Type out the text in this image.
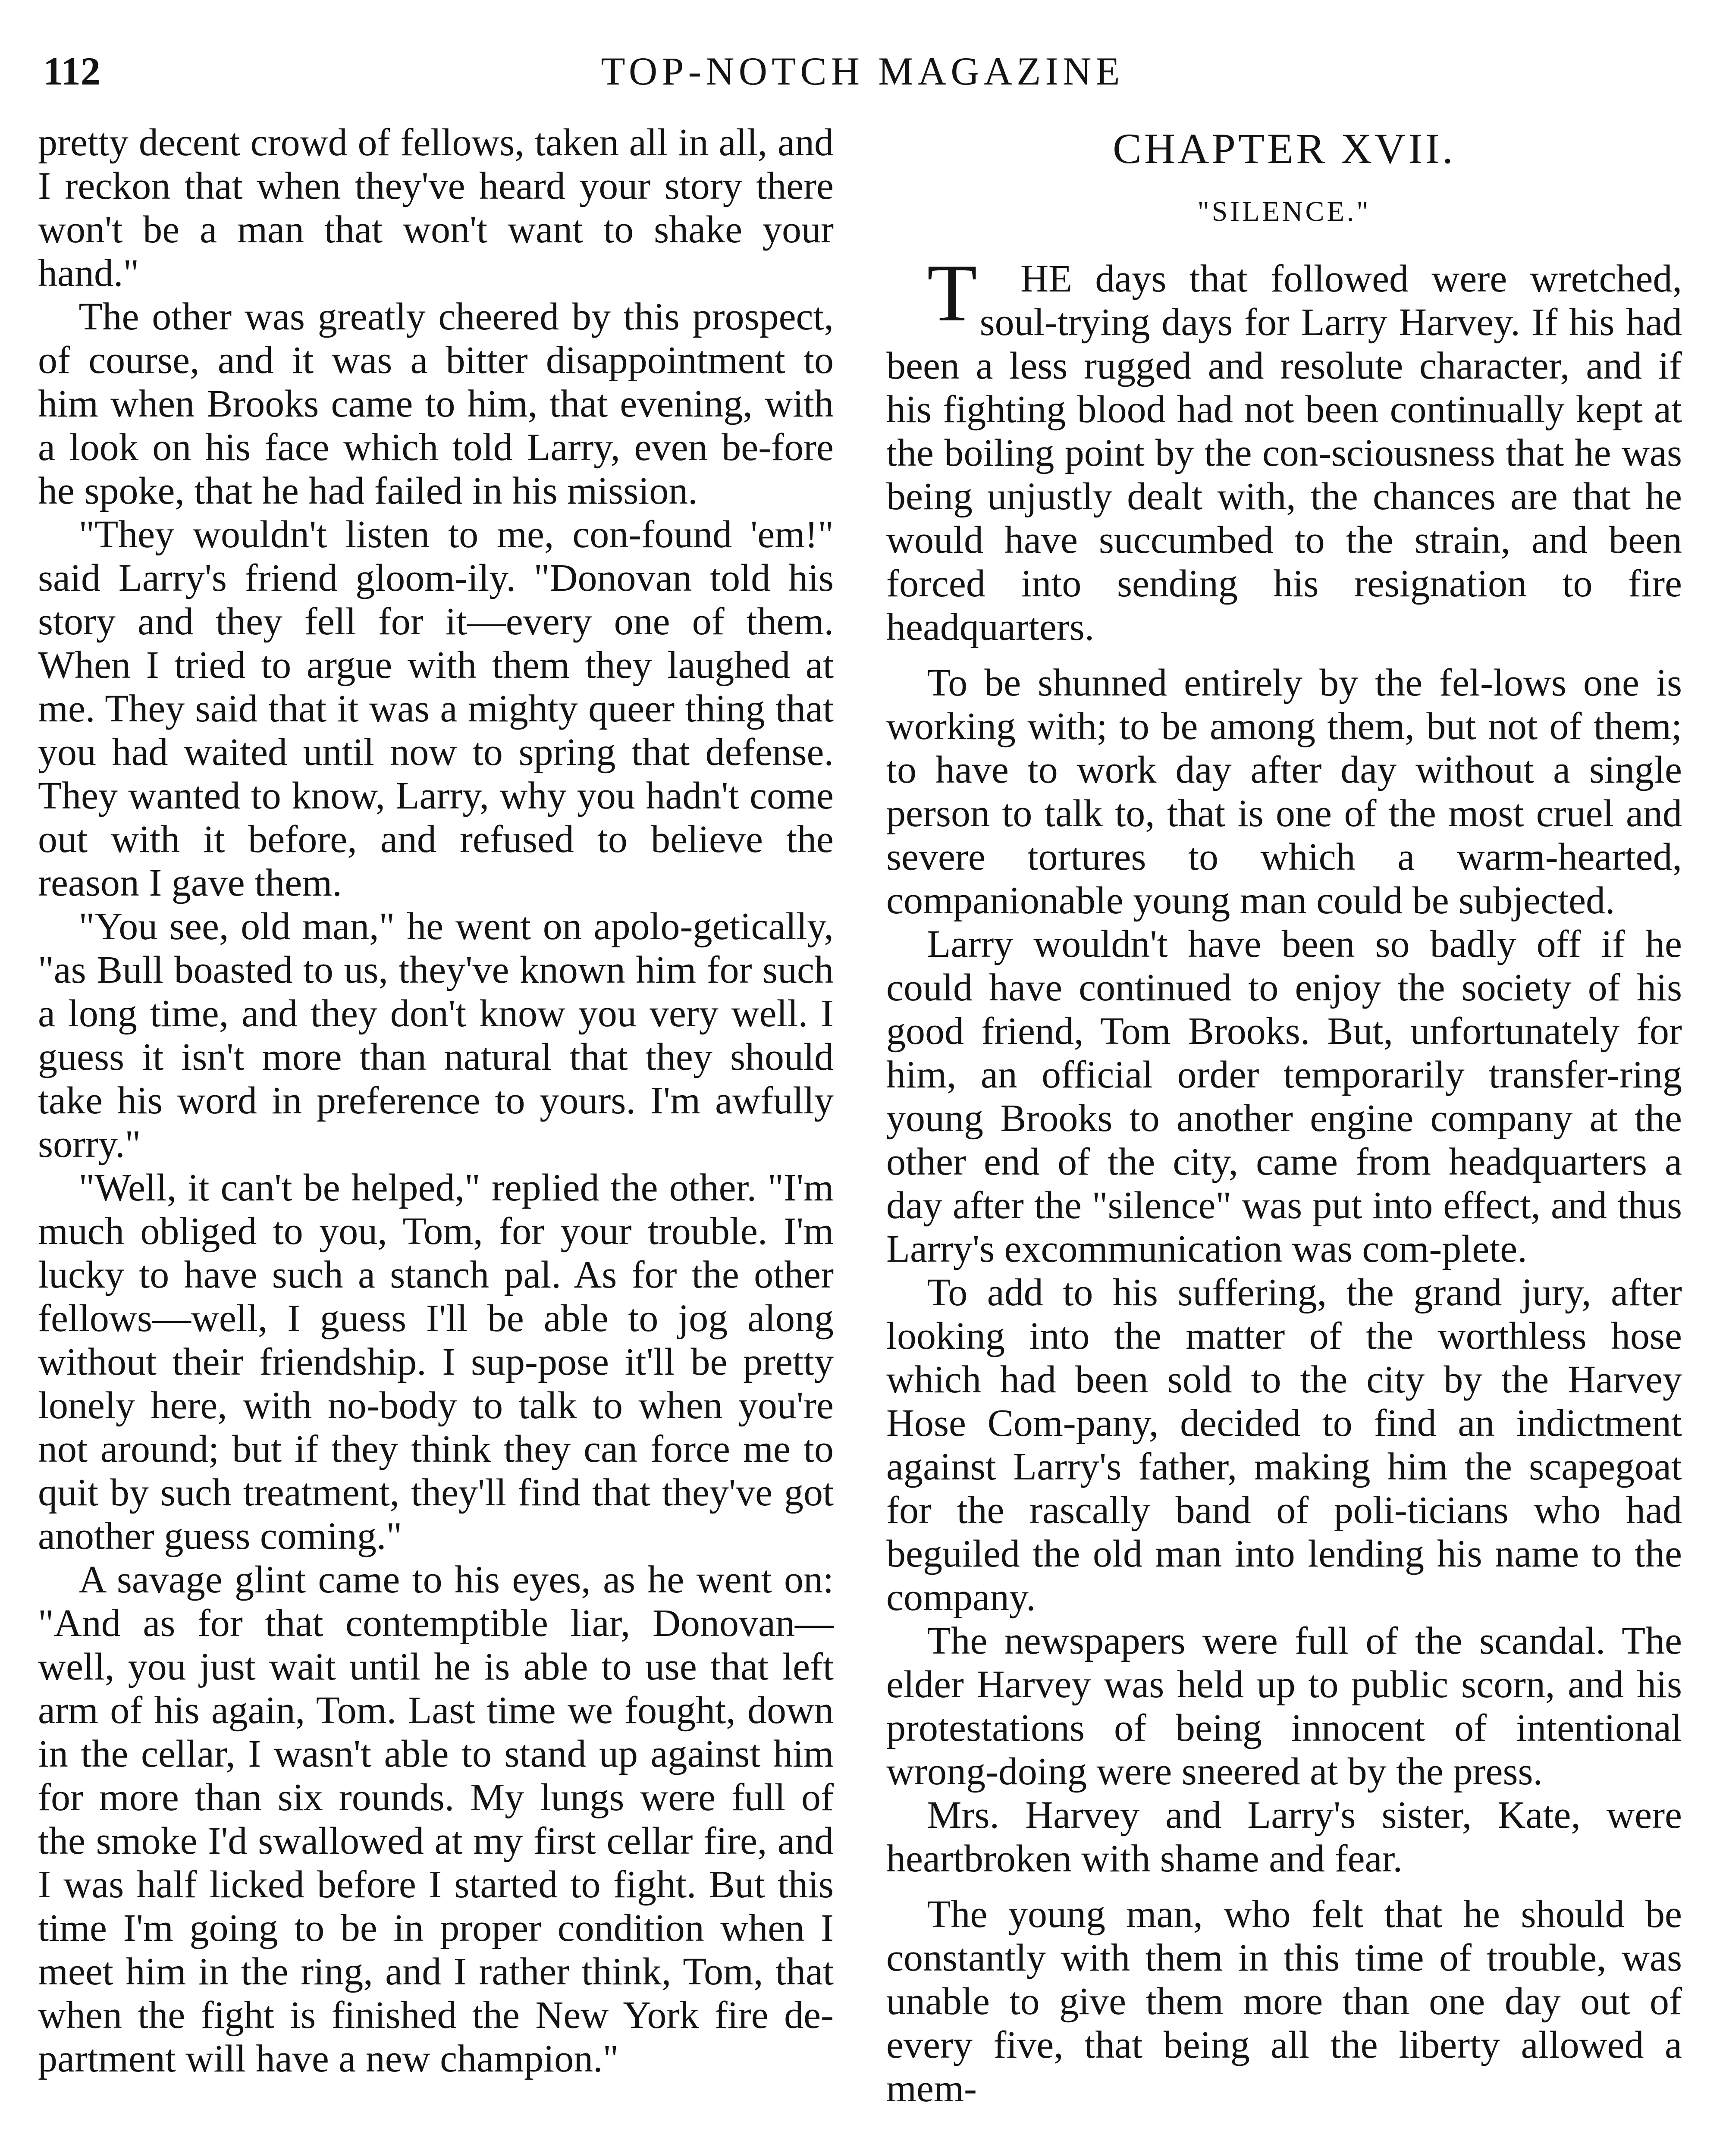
112	TOP-NOTCH MAGAZINE

pretty decent crowd of fellows, taken all in all, and I reckon that when they've heard your story there won't be a man that won't want to shake your hand."

The other was greatly cheered by this prospect, of course, and it was a bitter disappointment to him when Brooks came to him, that evening, with a look on his face which told Larry, even be-fore he spoke, that he had failed in his mission.

"They wouldn't listen to me, con-found 'em!" said Larry's friend gloom-ily. "Donovan told his story and they fell for it—every one of them. When I tried to argue with them they laughed at me. They said that it was a mighty queer thing that you had waited until now to spring that defense. They wanted to know, Larry, why you hadn't come out with it before, and refused to believe the reason I gave them.

"You see, old man," he went on apolo-getically, "as Bull boasted to us, they've known him for such a long time, and they don't know you very well. I guess it isn't more than natural that they should take his word in preference to yours. I'm awfully sorry."

"Well, it can't be helped," replied the other. "I'm much obliged to you, Tom, for your trouble. I'm lucky to have such a stanch pal. As for the other fellows—well, I guess I'll be able to jog along without their friendship. I sup-pose it'll be pretty lonely here, with no-body to talk to when you're not around; but if they think they can force me to quit by such treatment, they'll find that they've got another guess coming."

A savage glint came to his eyes, as he went on: "And as for that contemptible liar, Donovan—well, you just wait until he is able to use that left arm of his again, Tom. Last time we fought, down in the cellar, I wasn't able to stand up against him for more than six rounds. My lungs were full of the smoke I'd swallowed at my first cellar fire, and I was half licked before I started to fight. But this time I'm going to be in proper condition when I meet him in the ring, and I rather think, Tom, that when the fight is finished the New York fire de-partment will have a new champion."

CHAPTER XVII.
"SILENCE."

T HE days that followed were wretched, soul-trying days for Larry Harvey. If his had been a less rugged and resolute character, and if his fighting blood had not been continually kept at the boiling point by the con-sciousness that he was being unjustly dealt with, the chances are that he would have succumbed to the strain, and been forced into sending his resignation to fire headquarters.

To be shunned entirely by the fel-lows one is working with; to be among them, but not of them; to have to work day after day without a single person to talk to, that is one of the most cruel and severe tortures to which a warm-hearted, companionable young man could be subjected.

Larry wouldn't have been so badly off if he could have continued to enjoy the society of his good friend, Tom Brooks. But, unfortunately for him, an official order temporarily transfer-ring young Brooks to another engine company at the other end of the city, came from headquarters a day after the "silence" was put into effect, and thus Larry's excommunication was com-plete.

To add to his suffering, the grand jury, after looking into the matter of the worthless hose which had been sold to the city by the Harvey Hose Com-pany, decided to find an indictment against Larry's father, making him the scapegoat for the rascally band of poli-ticians who had beguiled the old man into lending his name to the company.

The newspapers were full of the scandal. The elder Harvey was held up to public scorn, and his protestations of being innocent of intentional wrong-doing were sneered at by the press.

Mrs. Harvey and Larry's sister, Kate, were heartbroken with shame and fear.

The young man, who felt that he should be constantly with them in this time of trouble, was unable to give them more than one day out of every five, that being all the liberty allowed a mem-
